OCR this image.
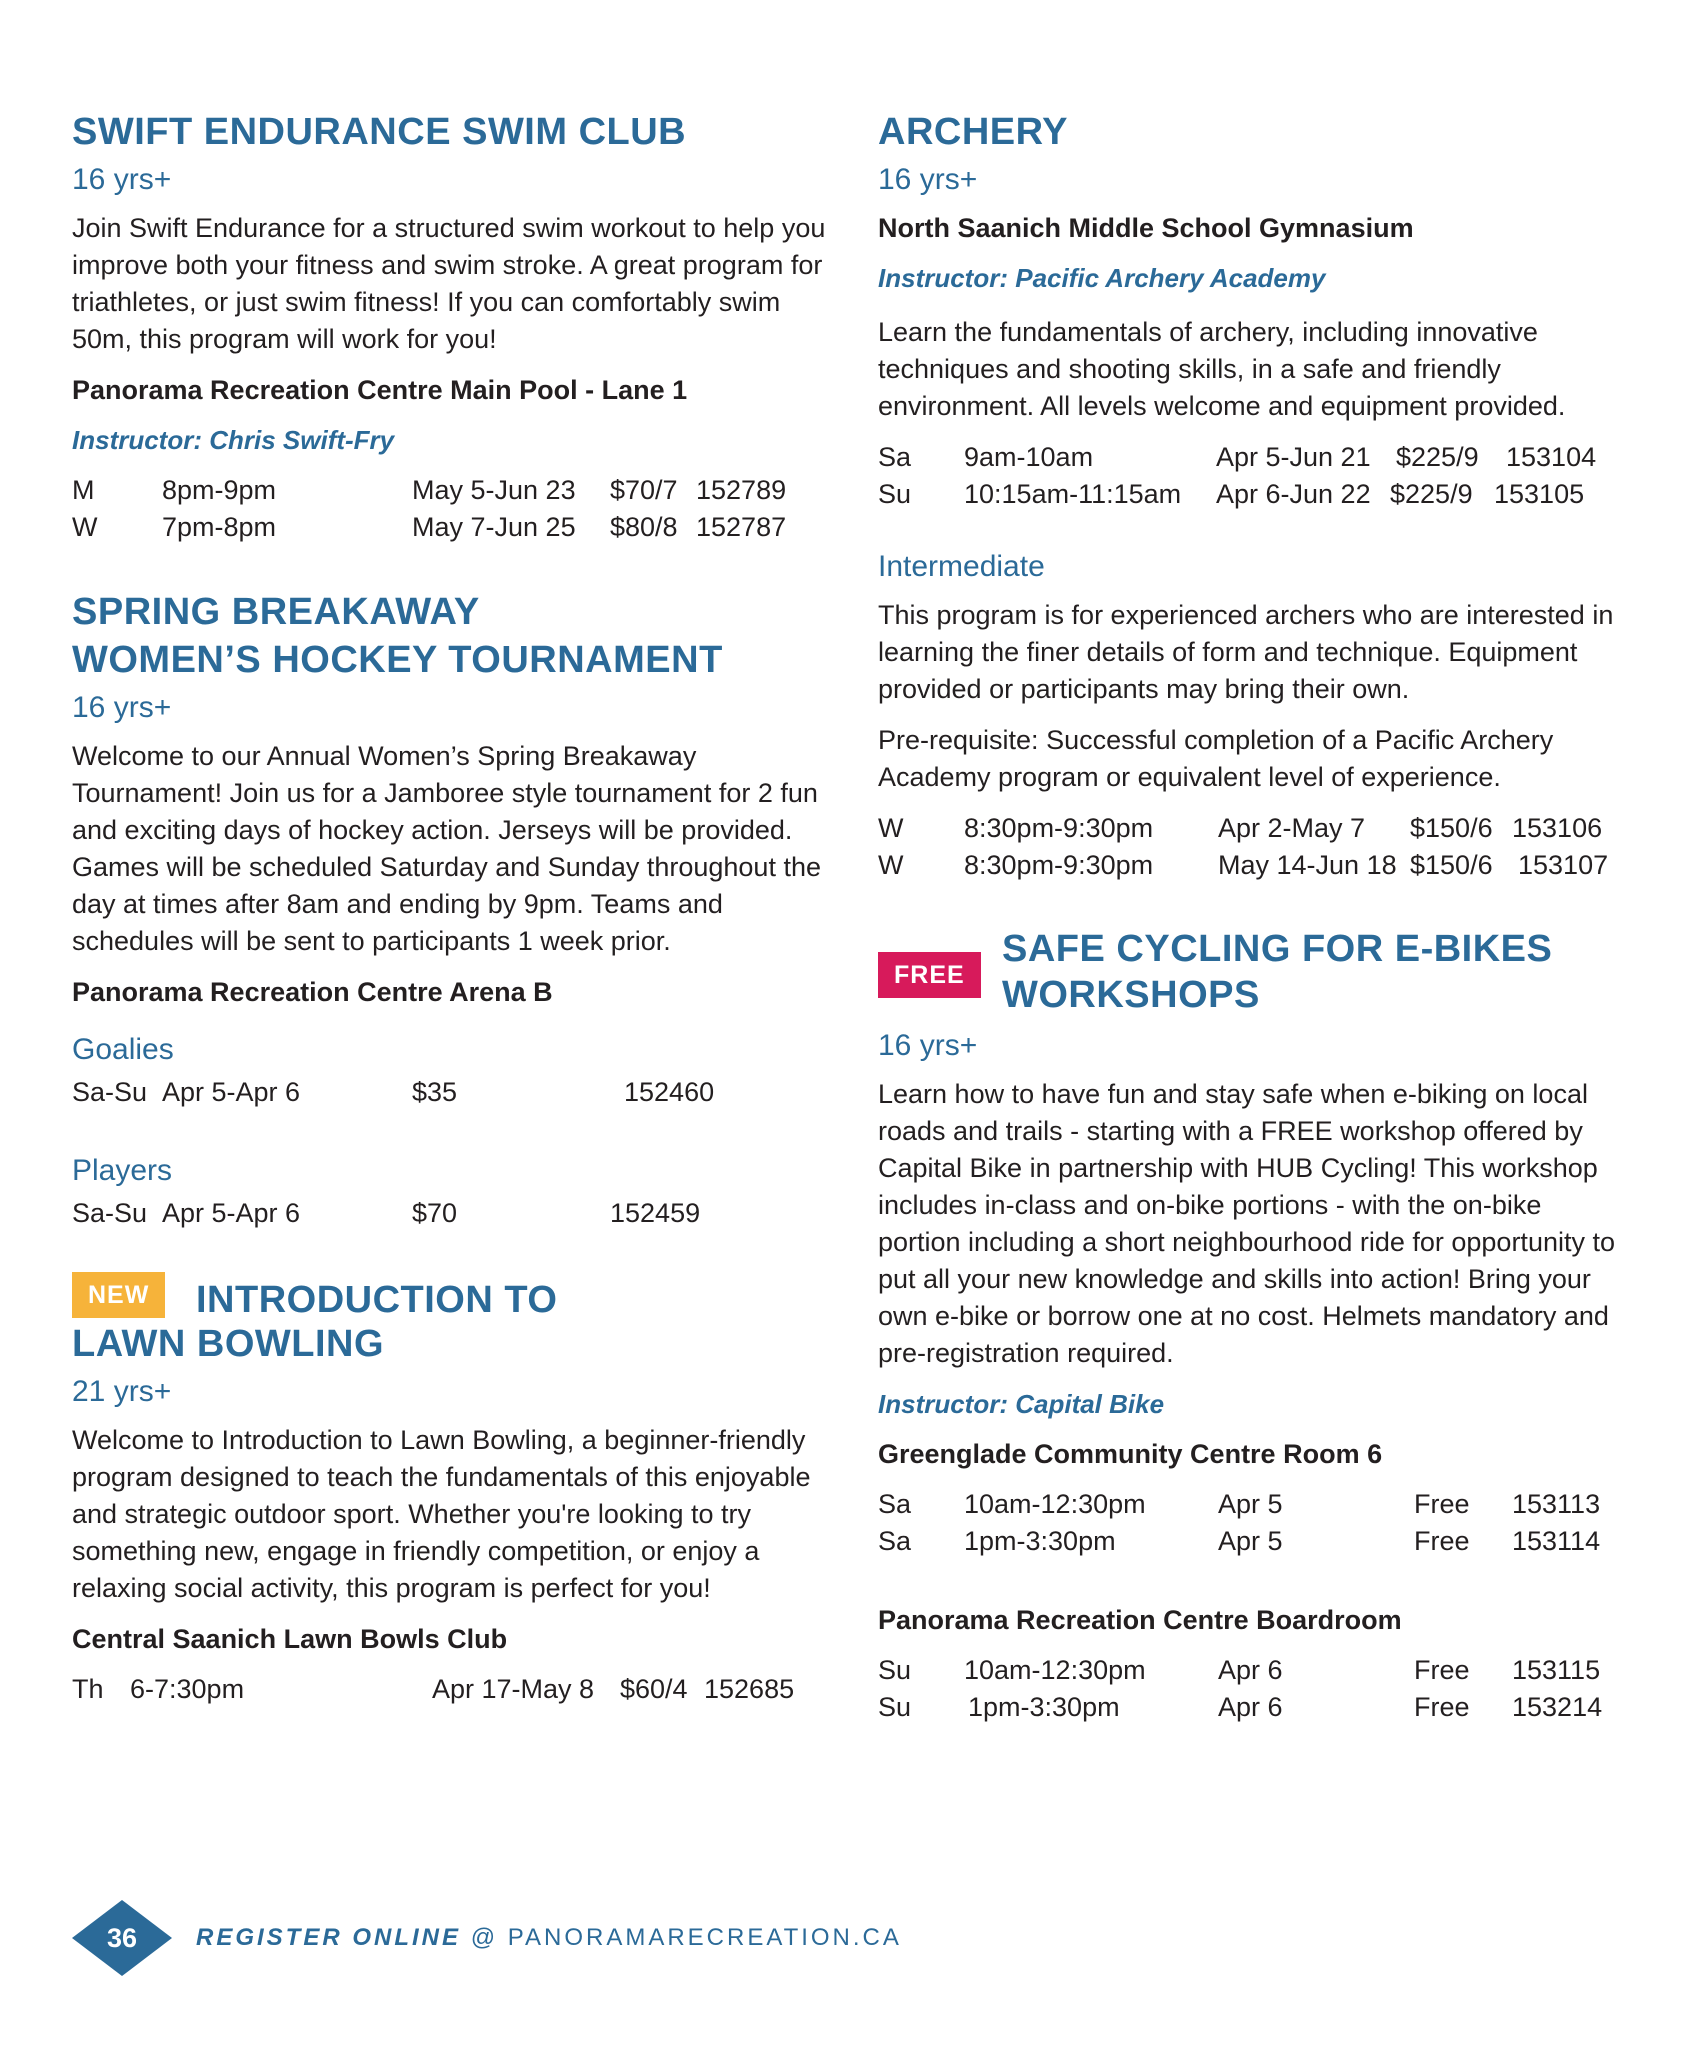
SWIFT ENDURANCE SWIM CLUB
16 yrs+

Join Swift Endurance for a structured swim workout to help you improve both your fitness and swim stroke. A great program for triathletes, or just swim fitness! If you can comfortably swim 50m, this program will work for you!

Panorama Recreation Centre Main Pool - Lane 1
Instructor: Chris Swift-Fry
M	8pm-9pm	May 5-Jun 23 $70/7 152789
W 7pm-8pm	May 7-Jun 25 $80/8 152787
SPRING BREAKAWAY
WOMEN’S HOCKEY TOURNAMENT
16 yrs+

Welcome to our Annual Women’s Spring Breakaway Tournament! Join us for a Jamboree style tournament for 2 fun and exciting days of hockey action. Jerseys will be provided. Games will be scheduled Saturday and Sunday throughout the day at times after 8am and ending by 9pm. Teams and schedules will be sent to participants 1 week prior.

Panorama Recreation Centre Arena B
Goalies
Sa-Su Apr 5-Apr 6	$35	152460
Players
Sa-Su Apr 5-Apr 6	$70	152459
NEW INTRODUCTION TO
LAWN BOWLING
21 yrs+

Welcome to Introduction to Lawn Bowling, a beginner-friendly program designed to teach the fundamentals of this enjoyable and strategic outdoor sport. Whether you're looking to try something new, engage in friendly competition, or enjoy a relaxing social activity, this program is perfect for you!

Central Saanich Lawn Bowls Club
Th 6-7:30pm	Apr 17-May 8 $60/4 152685
ARCHERY
16 yrs+
North Saanich Middle School Gymnasium
Instructor: Pacific Archery Academy

Learn the fundamentals of archery, including innovative techniques and shooting skills, in a safe and friendly environment. All levels welcome and equipment provided.

Sa 9am-10am	Apr 5-Jun 21 $225/9 153104
Su 10:15am-11:15am Apr 6-Jun 22 $225/9 153105
Intermediate

This program is for experienced archers who are interested in learning the finer details of form and technique. Equipment provided or participants may bring their own.

Pre-requisite: Successful completion of a Pacific Archery Academy program or equivalent level of experience.

W 8:30pm-9:30pm Apr 2-May 7 $150/6 153106
W 8:30pm-9:30pm May 14-Jun 18 $150/6 153107
FREE
SAFE CYCLING FOR E-BIKES
WORKSHOPS
16 yrs+

Learn how to have fun and stay safe when e-biking on local roads and trails - starting with a FREE workshop offered by Capital Bike in partnership with HUB Cycling! This workshop includes in-class and on-bike portions - with the on-bike portion including a short neighbourhood ride for opportunity to put all your new knowledge and skills into action! Bring your own e-bike or borrow one at no cost. Helmets mandatory and pre-registration required.

Instructor: Capital Bike
Greenglade Community Centre Room 6
Sa 10am-12:30pm	Apr 5	Free 153113
Sa 1pm-3:30pm	Apr 5	Free 153114
Panorama Recreation Centre Boardroom
Su 10am-12:30pm	Apr 6	Free 153115
Su 1pm-3:30pm	Apr 6	Free 153214
36	REGISTER ONLINE @ PANORAMARECREATION.CA
